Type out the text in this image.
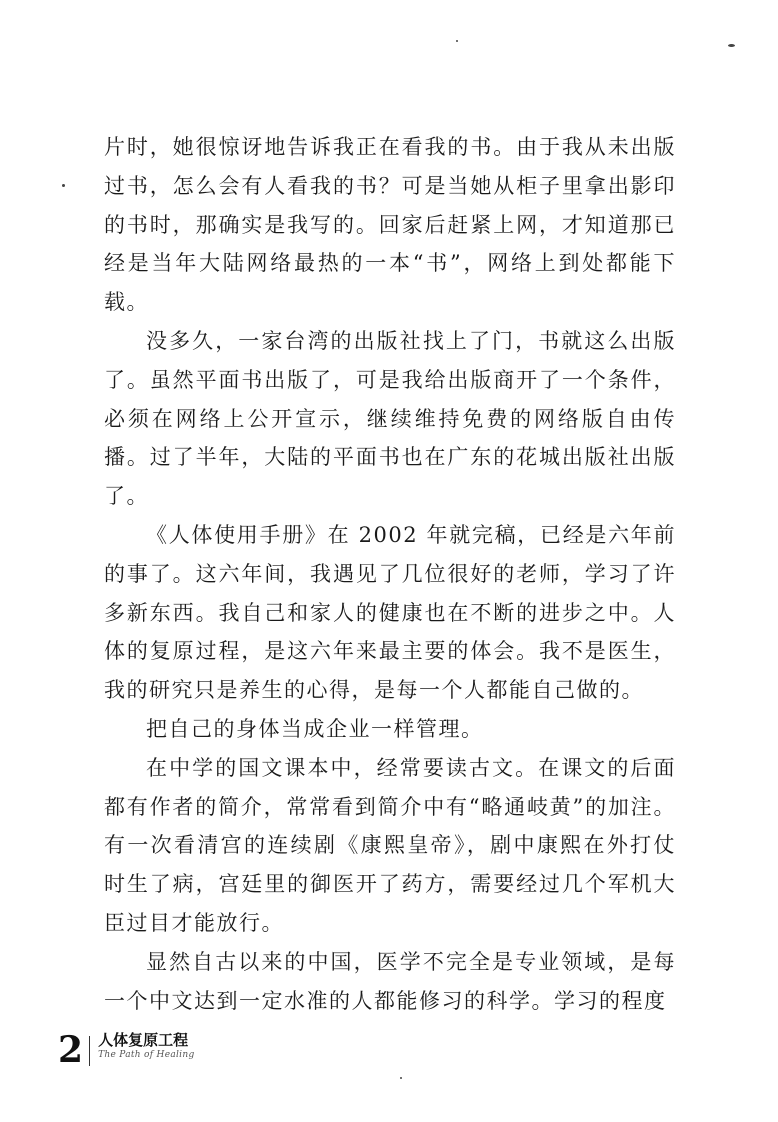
片时，她很惊讶地告诉我正在看我的书。由于我从未出版过书，怎么会有人看我的书？可是当她从柜子里拿出影印的书时，那确实是我写的。回家后赶紧上网，才知道那已经是当年大陆网络最热的一本“书”，网络上到处都能下载。

没多久，一家台湾的出版社找上了门，书就这么出版了。虽然平面书出版了，可是我给出版商开了一个条件，必须在网络上公开宣示，继续维持免费的网络版自由传播。过了半年，大陆的平面书也在广东的花城出版社出版了。

《人体使用手册》在 2002 年就完稿，已经是六年前的事了。这六年间，我遇见了几位很好的老师，学习了许多新东西。我自己和家人的健康也在不断的进步之中。人体的复原过程，是这六年来最主要的体会。我不是医生，我的研究只是养生的心得，是每一个人都能自己做的。

把自己的身体当成企业一样管理。

在中学的国文课本中，经常要读古文。在课文的后面都有作者的简介，常常看到简介中有“略通岐黄”的加注。有一次看清宫的连续剧《康熙皇帝》，剧中康熙在外打仗时生了病，宫廷里的御医开了药方，需要经过几个军机大臣过目才能放行。

显然自古以来的中国，医学不完全是专业领域，是每一个中文达到一定水准的人都能修习的科学。学习的程度

2 人体复原工程
The Path of Healing
